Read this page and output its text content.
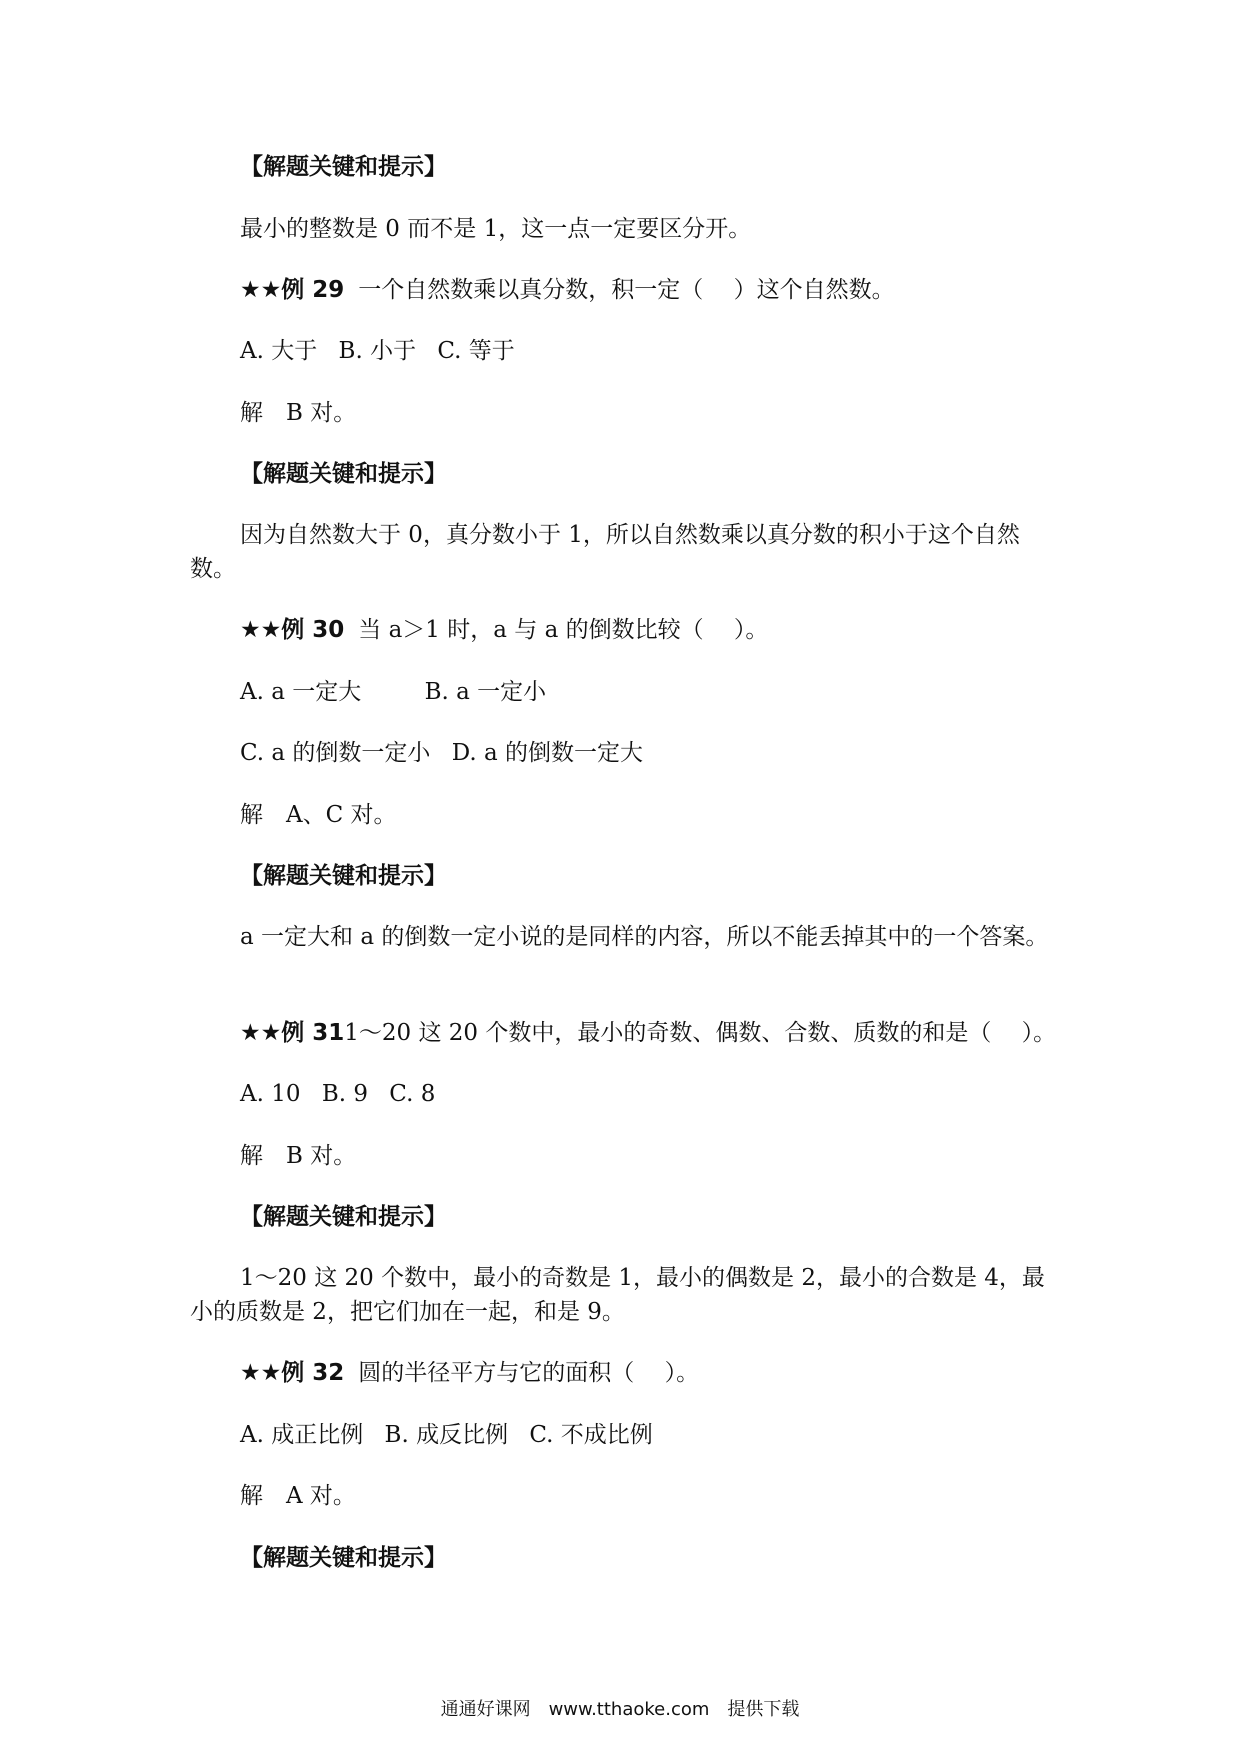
【解题关键和提示】
最小的整数是 0 而不是 1，这一点一定要区分开。
★★例 29 一个自然数乘以真分数，积一定（　 ）这个自然数。
A. 大于 B. 小于 C. 等于
解　B 对。
【解题关键和提示】
因为自然数大于 0，真分数小于 1，所以自然数乘以真分数的积小于这个自然数。
★★例 30 当 a＞1 时，a 与 a 的倒数比较（　 ）。
A. a 一定大	B. a 一定小
C. a 的倒数一定小 D. a 的倒数一定大
解　A、C 对。
【解题关键和提示】
a 一定大和 a 的倒数一定小说的是同样的内容，所以不能丢掉其中的一个答案。
★★例 311～20 这 20 个数中，最小的奇数、偶数、合数、质数的和是（　 ）。
A. 10 B. 9 C. 8
解　B 对。
【解题关键和提示】
1～20 这 20 个数中，最小的奇数是 1，最小的偶数是 2，最小的合数是 4，最小的质数是 2，把它们加在一起，和是 9。
★★例 32 圆的半径平方与它的面积（　 ）。
A. 成正比例 B. 成反比例 C. 不成比例
解　A 对。
【解题关键和提示】
通通好课网　www.tthaoke.com　提供下载
